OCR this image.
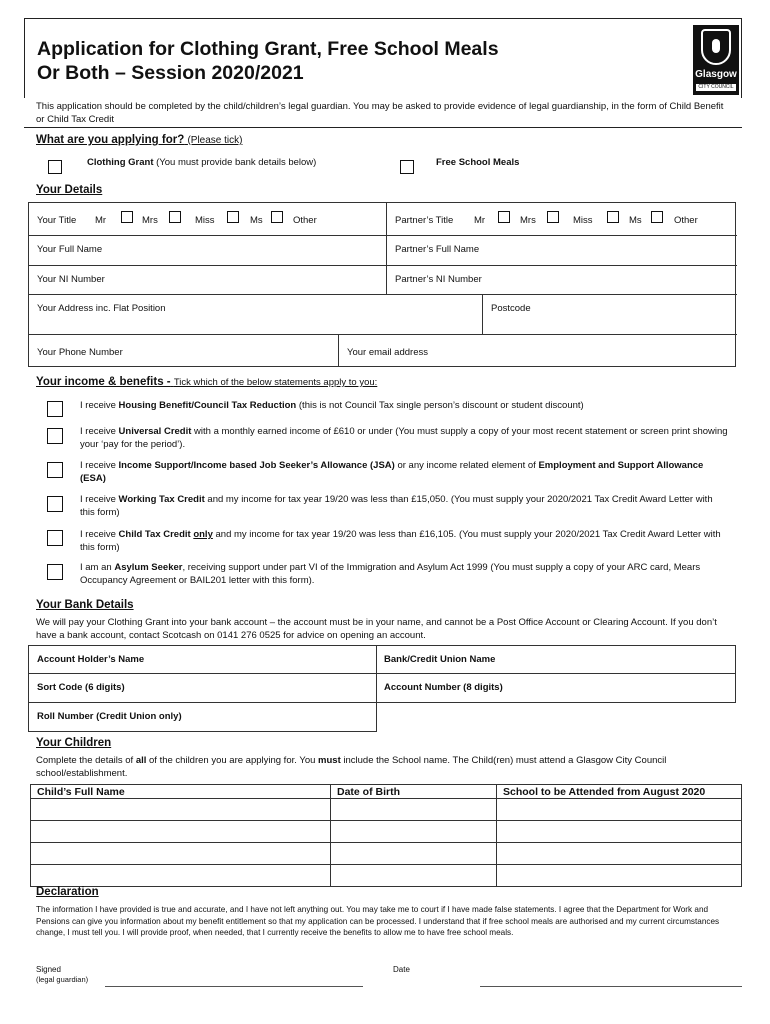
Application for Clothing Grant, Free School Meals
Or Both – Session 2020/2021	Glasgow
CITY COUNCIL
This application should be completed by the child/children’s legal guardian. You may be asked to provide evidence of legal guardianship, in the form of Child Benefit or Child Tax Credit
What are you applying for? (Please tick)
Clothing Grant (You must provide bank details below)	Free School Meals
Your Details
Your Title	Mr	Mrs	Miss	Ms	Other	Partner’s Title	Mr	Mrs	Miss	Ms	Other
Your Full Name	Partner’s Full Name
Your NI Number	Partner’s NI Number
Your Address inc. Flat Position	Postcode
Your Phone Number	Your email address
Your income & benefits - Tick which of the below statements apply to you:
I receive Housing Benefit/Council Tax Reduction (this is not Council Tax single person’s discount or student discount)
I receive Universal Credit with a monthly earned income of £610 or under (You must supply a copy of your most recent statement or screen print showing your ‘pay for the period’).
I receive Income Support/Income based Job Seeker’s Allowance (JSA) or any income related element of Employment and Support Allowance (ESA)
I receive Working Tax Credit and my income for tax year 19/20 was less than £15,050. (You must supply your 2020/2021 Tax Credit Award Letter with this form)
I receive Child Tax Credit only and my income for tax year 19/20 was less than £16,105. (You must supply your 2020/2021 Tax Credit Award Letter with this form)
I am an Asylum Seeker, receiving support under part VI of the Immigration and Asylum Act 1999 (You must supply a copy of your ARC card, Mears Occupancy Agreement or BAIL201 letter with this form).
Your Bank Details
We will pay your Clothing Grant into your bank account – the account must be in your name, and cannot be a Post Office Account or Clearing Account. If you don’t have a bank account, contact Scotcash on 0141 276 0525 for advice on opening an account.
Account Holder’s Name	Bank/Credit Union Name
Sort Code (6 digits)	Account Number (8 digits)
Roll Number (Credit Union only)
Your Children
Complete the details of all of the children you are applying for. You must include the School name. The Child(ren) must attend a Glasgow City Council school/establishment.
Child’s Full Name	Date of Birth	School to be Attended from August 2020

Declaration
The information I have provided is true and accurate, and I have not left anything out. You may take me to court if I have made false statements. I agree that the Department for Work and Pensions can give you information about my benefit entitlement so that my application can be processed. I understand that if free school meals are authorised and my current circumstances change, I must tell you. I will provide proof, when needed, that I currently receive the benefits to allow me to have free school meals.
Signed
(legal guardian)
Date
